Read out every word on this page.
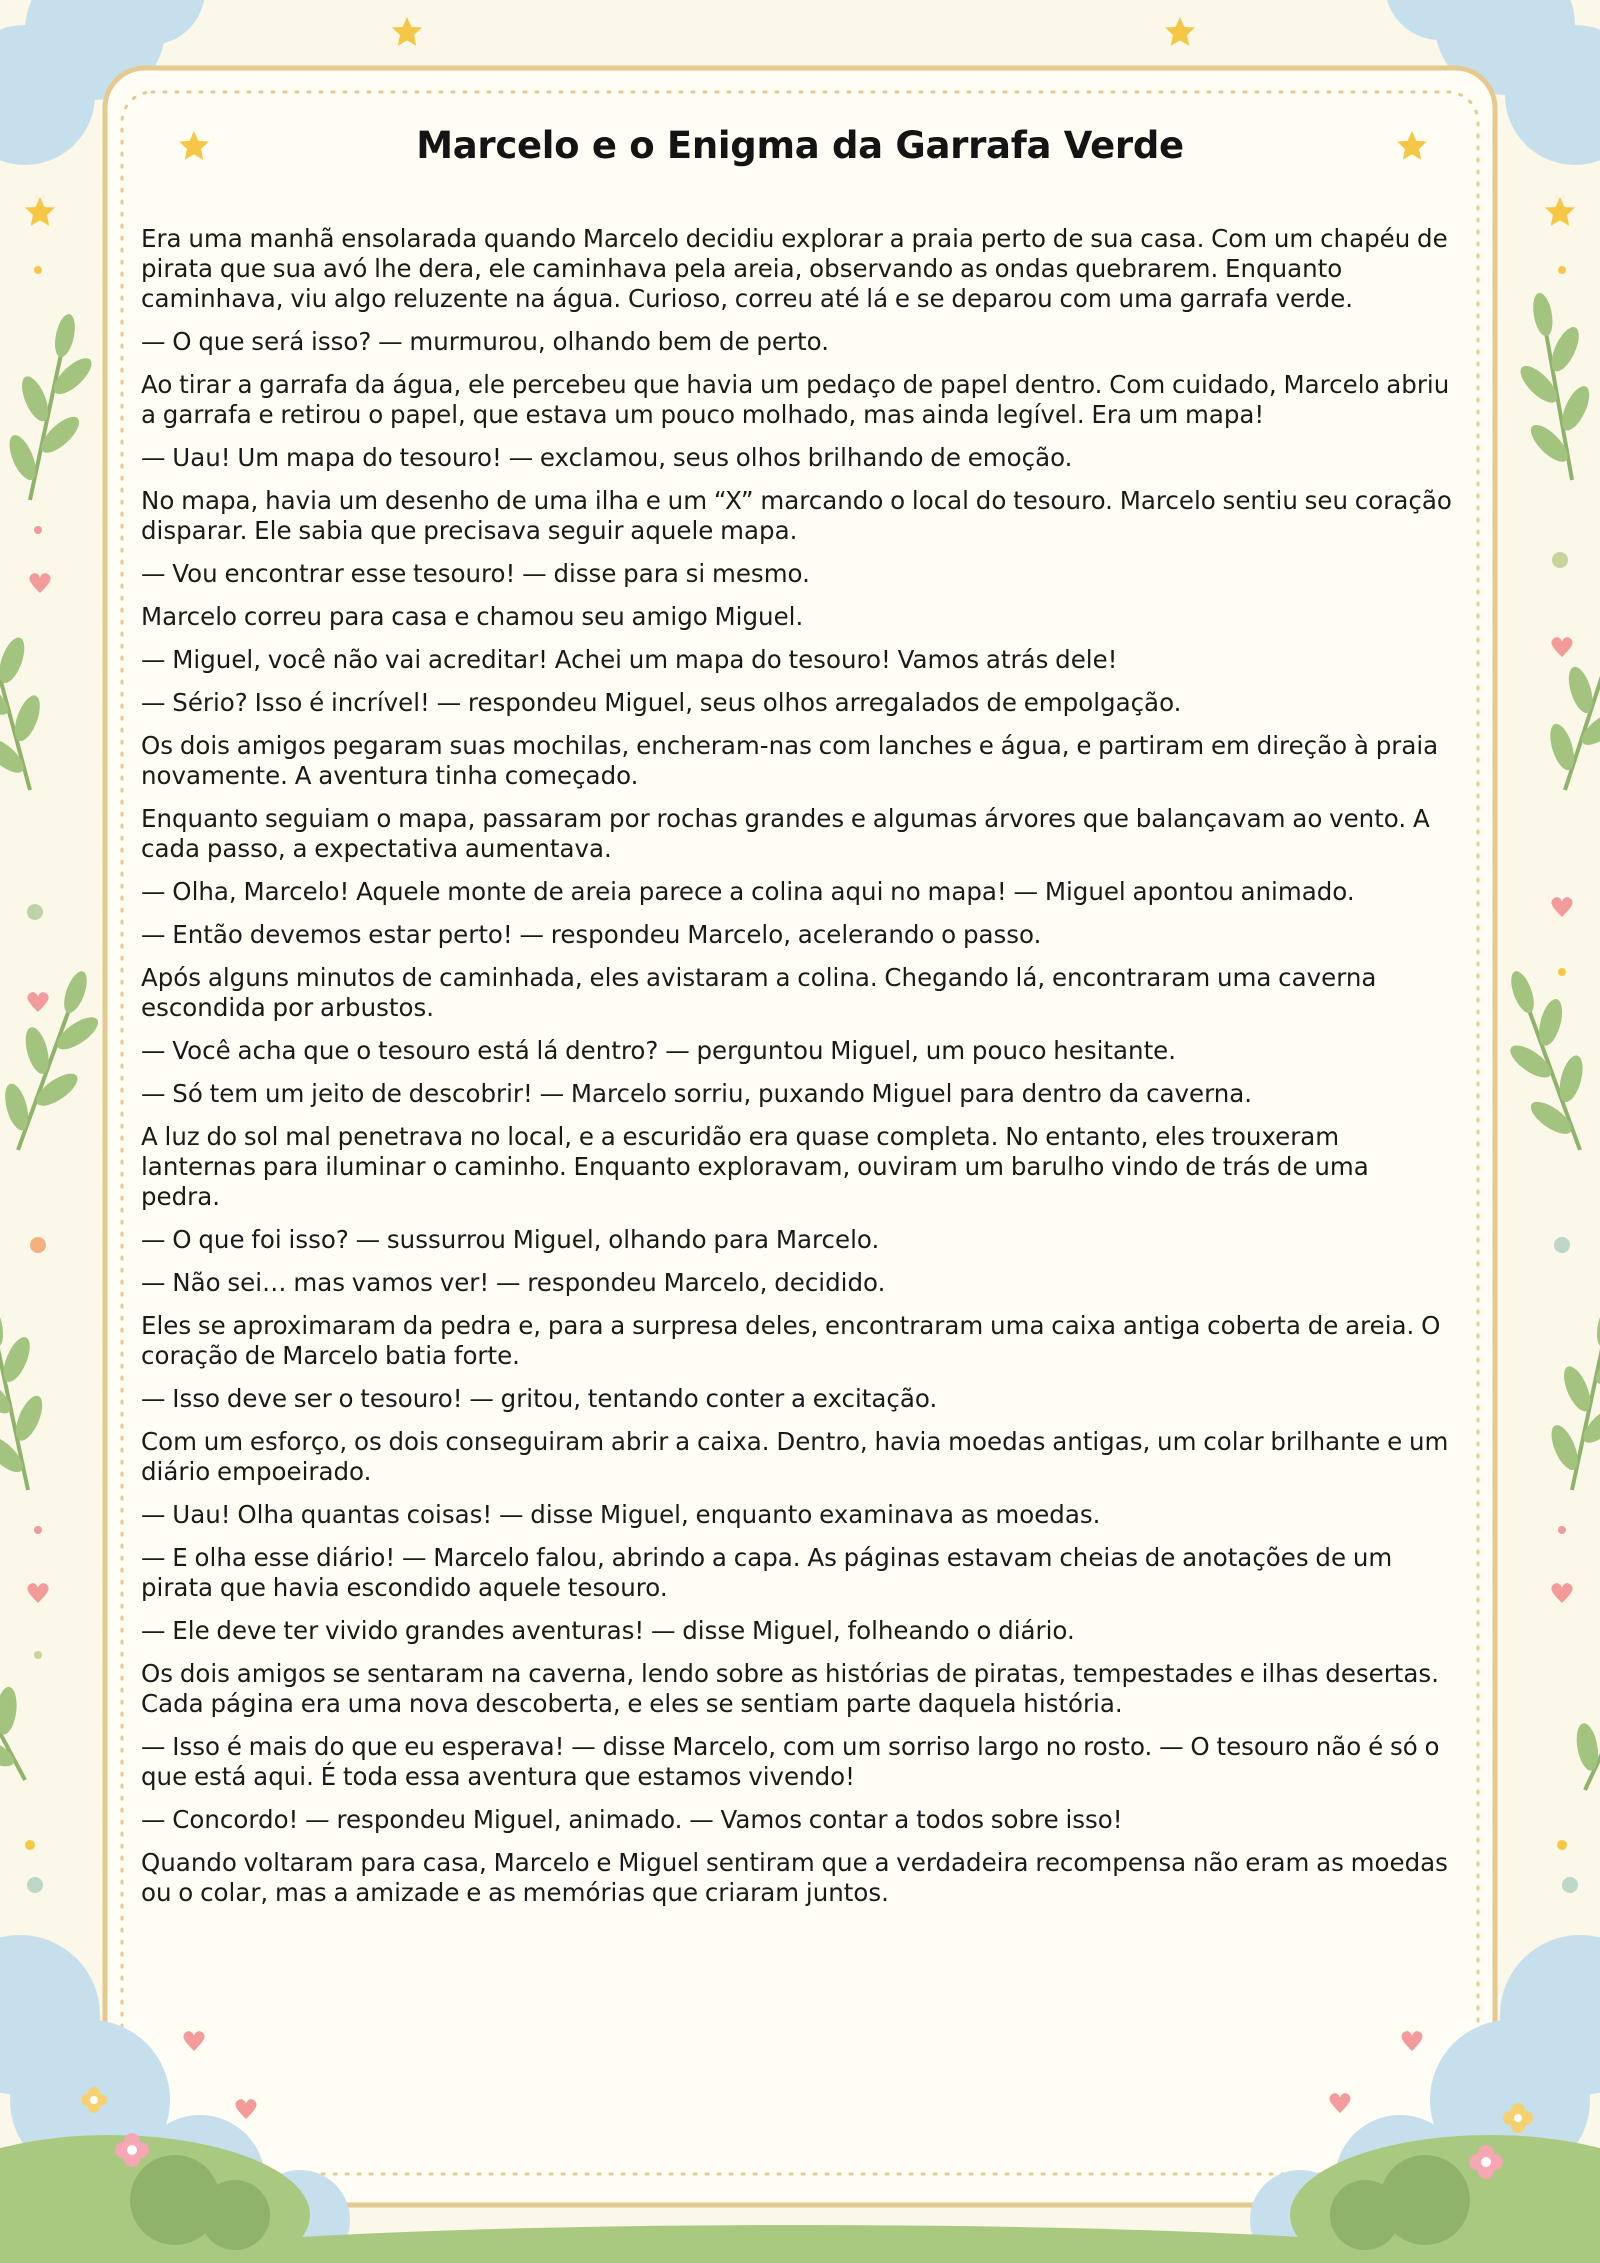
Marcelo e o Enigma da Garrafa Verde

Era uma manhã ensolarada quando Marcelo decidiu explorar a praia perto de sua casa. Com um chapéu de pirata que sua avó lhe dera, ele caminhava pela areia, observando as ondas quebrarem. Enquanto caminhava, viu algo reluzente na água. Curioso, correu até lá e se deparou com uma garrafa verde.

— O que será isso? — murmurou, olhando bem de perto.

Ao tirar a garrafa da água, ele percebeu que havia um pedaço de papel dentro. Com cuidado, Marcelo abriu a garrafa e retirou o papel, que estava um pouco molhado, mas ainda legível. Era um mapa!

— Uau! Um mapa do tesouro! — exclamou, seus olhos brilhando de emoção.

No mapa, havia um desenho de uma ilha e um “X” marcando o local do tesouro. Marcelo sentiu seu coração disparar. Ele sabia que precisava seguir aquele mapa.

— Vou encontrar esse tesouro! — disse para si mesmo.

Marcelo correu para casa e chamou seu amigo Miguel.

— Miguel, você não vai acreditar! Achei um mapa do tesouro! Vamos atrás dele!

— Sério? Isso é incrível! — respondeu Miguel, seus olhos arregalados de empolgação.

Os dois amigos pegaram suas mochilas, encheram-nas com lanches e água, e partiram em direção à praia novamente. A aventura tinha começado.

Enquanto seguiam o mapa, passaram por rochas grandes e algumas árvores que balançavam ao vento. A cada passo, a expectativa aumentava.

— Olha, Marcelo! Aquele monte de areia parece a colina aqui no mapa! — Miguel apontou animado.

— Então devemos estar perto! — respondeu Marcelo, acelerando o passo.

Após alguns minutos de caminhada, eles avistaram a colina. Chegando lá, encontraram uma caverna escondida por arbustos.

— Você acha que o tesouro está lá dentro? — perguntou Miguel, um pouco hesitante.

— Só tem um jeito de descobrir! — Marcelo sorriu, puxando Miguel para dentro da caverna.

A luz do sol mal penetrava no local, e a escuridão era quase completa. No entanto, eles trouxeram lanternas para iluminar o caminho. Enquanto exploravam, ouviram um barulho vindo de trás de uma pedra.

— O que foi isso? — sussurrou Miguel, olhando para Marcelo.

— Não sei… mas vamos ver! — respondeu Marcelo, decidido.

Eles se aproximaram da pedra e, para a surpresa deles, encontraram uma caixa antiga coberta de areia. O coração de Marcelo batia forte.

— Isso deve ser o tesouro! — gritou, tentando conter a excitação.

Com um esforço, os dois conseguiram abrir a caixa. Dentro, havia moedas antigas, um colar brilhante e um diário empoeirado.

— Uau! Olha quantas coisas! — disse Miguel, enquanto examinava as moedas.

— E olha esse diário! — Marcelo falou, abrindo a capa. As páginas estavam cheias de anotações de um pirata que havia escondido aquele tesouro.

— Ele deve ter vivido grandes aventuras! — disse Miguel, folheando o diário.

Os dois amigos se sentaram na caverna, lendo sobre as histórias de piratas, tempestades e ilhas desertas. Cada página era uma nova descoberta, e eles se sentiam parte daquela história.

— Isso é mais do que eu esperava! — disse Marcelo, com um sorriso largo no rosto. — O tesouro não é só o que está aqui. É toda essa aventura que estamos vivendo!

— Concordo! — respondeu Miguel, animado. — Vamos contar a todos sobre isso!

Quando voltaram para casa, Marcelo e Miguel sentiram que a verdadeira recompensa não eram as moedas ou o colar, mas a amizade e as memórias que criaram juntos.
